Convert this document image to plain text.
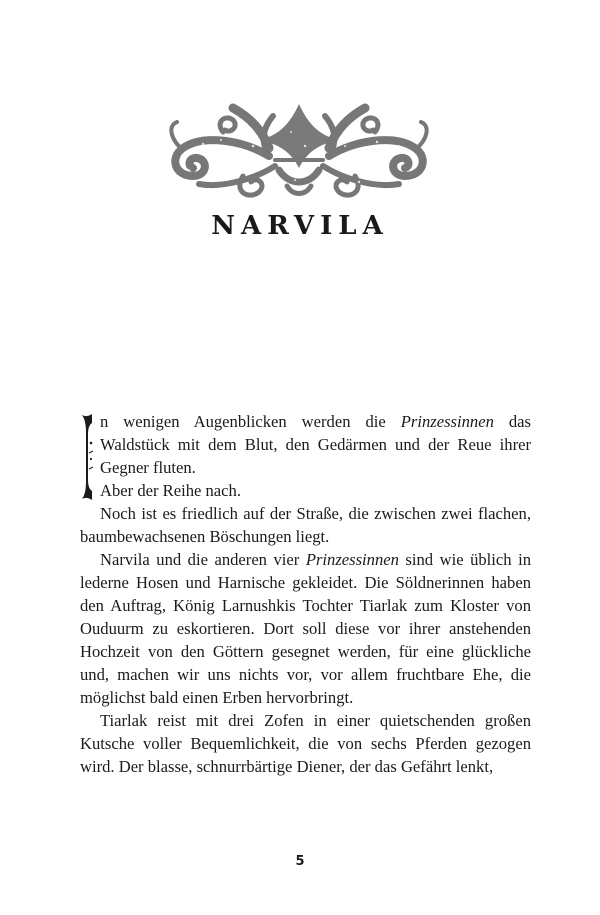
NARVILA

n wenigen Augenblicken werden die Prinzessinnen das Waldstück mit dem Blut, den Gedärmen und der Reue ihrer Gegner fluten.

Aber der Reihe nach.

Noch ist es friedlich auf der Straße, die zwischen zwei flachen, baumbewachsenen Böschungen liegt.

Narvila und die anderen vier Prinzessinnen sind wie üblich in lederne Hosen und Harnische gekleidet. Die Söldnerinnen haben den Auftrag, König Larnushkis Tochter Tiarlak zum Kloster von Ouduurm zu eskortieren. Dort soll diese vor ihrer anstehenden Hochzeit von den Göttern gesegnet werden, für eine glückliche und, machen wir uns nichts vor, vor allem fruchtbare Ehe, die möglichst bald einen Erben hervorbringt.

Tiarlak reist mit drei Zofen in einer quietschenden großen Kutsche voller Bequemlichkeit, die von sechs Pferden gezogen wird. Der blasse, schnurrbärtige Diener, der das Gefährt lenkt,

5
